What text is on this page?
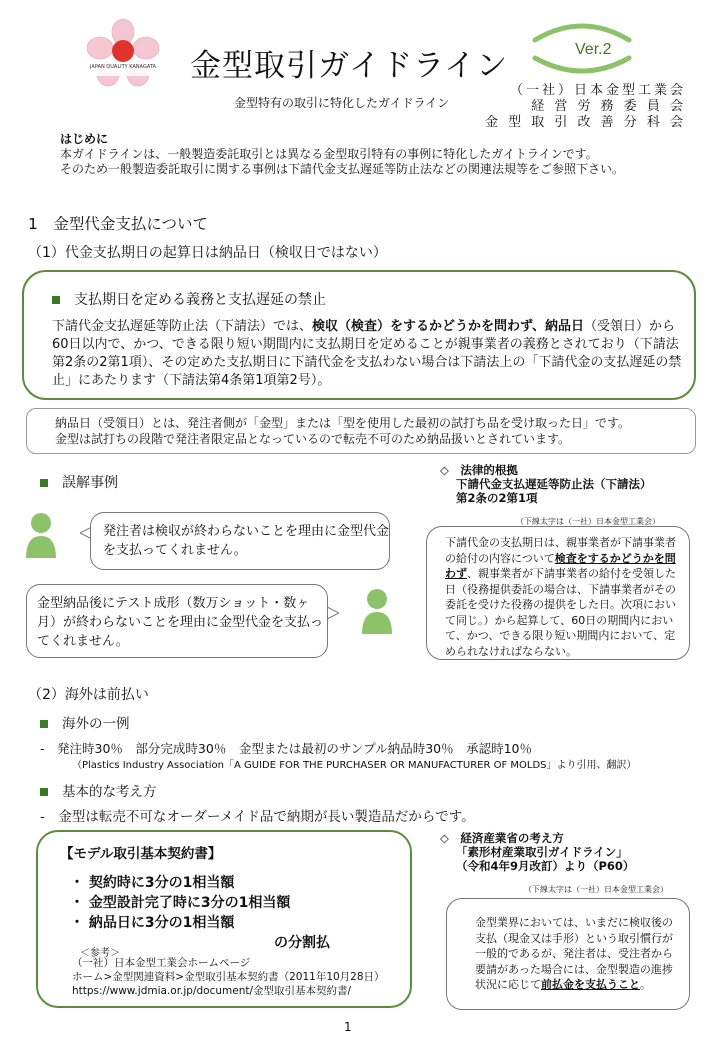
JAPAN QUALITY KANAGATA 金型取引ガイドライン
金型特有の取引に特化したガイドライン
Ver.2
（一社）日本金型工業会
経 営 労 務 委 員 会
金 型 取 引 改 善 分 科 会
はじめに
本ガイドラインは、一般製造委託取引とは異なる金型取引特有の事例に特化したガイトラインです。
そのため一般製造委託取引に関する事例は下請代金支払遅延等防止法などの関連法規等をご参照下さい。
1　金型代金支払について
（1）代金支払期日の起算日は納品日（検収日ではない）
支払期日を定める義務と支払遅延の禁止
下請代金支払遅延等防止法（下請法）では、検収（検査）をするかどうかを問わず、納品日（受領日）から60日以内で、かつ、できる限り短い期間内に支払期日を定めることが親事業者の義務とされており（下請法第2条の2第1項）、その定めた支払期日に下請代金を支払わない場合は下請法上の「下請代金の支払遅延の禁止」にあたります（下請法第4条第1項第2号）。
納品日（受領日）とは、発注者側が「金型」または「型を使用した最初の試打ち品を受け取った日」です。
金型は試打ちの段階で発注者限定品となっているので転売不可のため納品扱いとされています。
誤解事例
発注者は検収が終わらないことを理由に金型代金を支払ってくれません。
金型納品後にテスト成形（数万ショット・数ヶ月）が終わらないことを理由に金型代金を支払ってくれません。
◇　法律的根拠
下請代金支払遅延等防止法（下請法）
第2条の2第1項
（下線太字は（一社）日本金型工業会）
下請代金の支払期日は、親事業者が下請事業者の給付の内容について検査をするかどうかを問わず、親事業者が下請事業者の給付を受領した日（役務提供委託の場合は、下請事業者がその委託を受けた役務の提供をした日。次項において同じ。）から起算して、60日の期間内において、かつ、できる限り短い期間内において、定められなければならない。
（2）海外は前払い
海外の一例
-　発注時30％　部分完成時30％　金型または最初のサンプル納品時30％　承認時10％
（Plastics Industry Association「A GUIDE FOR THE PURCHASER OR MANUFACTURER OF MOLDS」より引用、翻訳）
基本的な考え方
-　金型は転売不可なオーダーメイド品で納期が長い製造品だからです。
【モデル取引基本契約書】
・ 契約時に3分の1相当額
・ 金型設計完了時に3分の1相当額
・ 納品日に3分の1相当額
の分割払
＜参考＞
（一社）日本金型工業会ホームページ
ホーム>金型関連資料>金型取引基本契約書（2011年10月28日）
https://www.jdmia.or.jp/document/金型取引基本契約書/
◇　経済産業省の考え方
「素形材産業取引ガイドライン」
（令和4年9月改訂）より（P60）
（下線太字は（一社）日本金型工業会）
金型業界においては、いまだに検収後の支払（現金又は手形）という取引慣行が一般的であるが、発注者は、受注者から要請があった場合には、金型製造の進捗状況に応じて前払金を支払うこと。
1
